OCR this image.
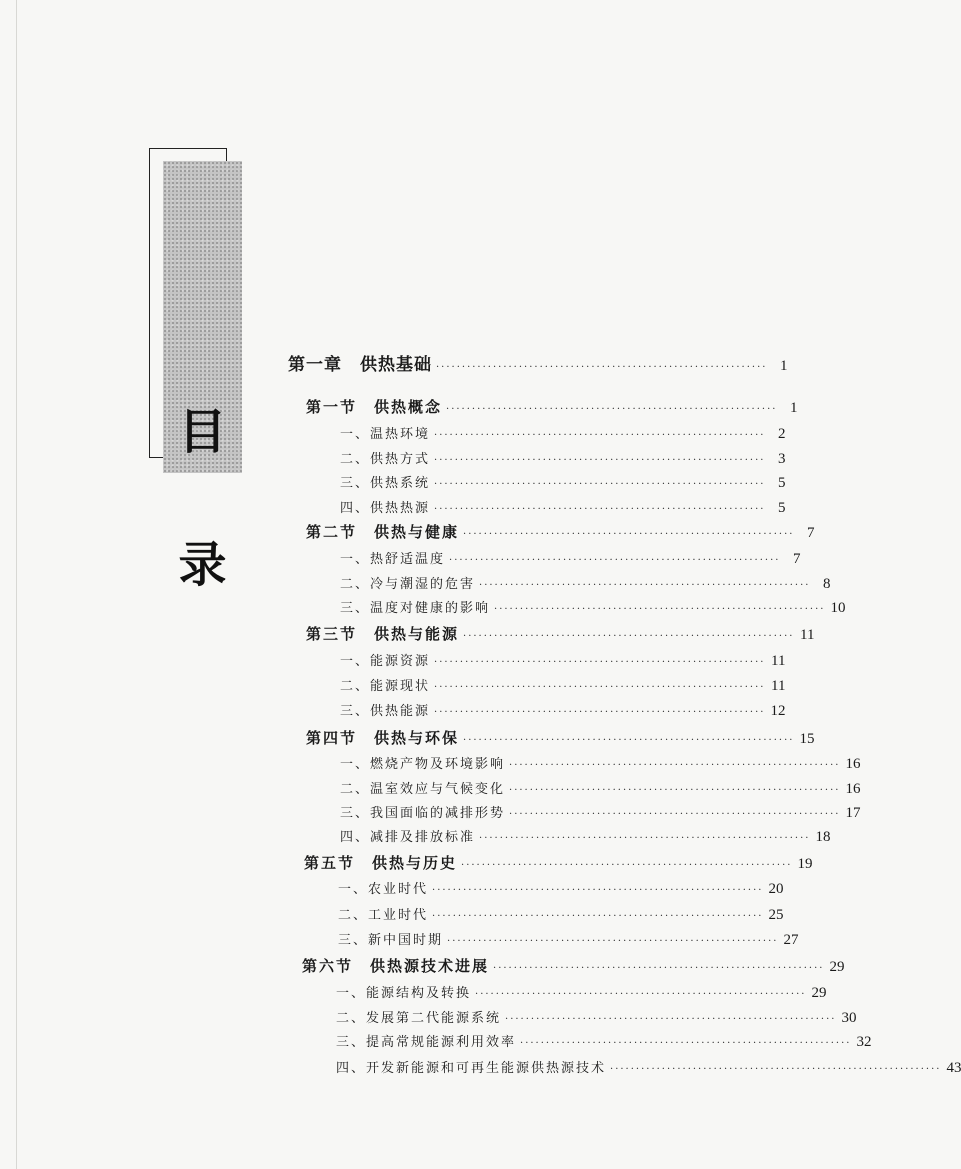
目
录
第一章　供热基础 ································································ 1
第一节　供热概念 ································································ 1
一、温热环境 ································································ 2
二、供热方式 ································································ 3
三、供热系统 ································································ 5
四、供热热源 ································································ 5
第二节　供热与健康 ································································ 7
一、热舒适温度 ································································ 7
二、冷与潮湿的危害 ································································ 8
三、温度对健康的影响 ································································ 10
第三节　供热与能源 ································································ 11
一、能源资源 ································································ 11
二、能源现状 ································································ 11
三、供热能源 ································································ 12
第四节　供热与环保 ································································ 15
一、燃烧产物及环境影响 ································································ 16
二、温室效应与气候变化 ································································ 16
三、我国面临的减排形势 ································································ 17
四、减排及排放标准 ································································ 18
第五节　供热与历史 ································································ 19
一、农业时代 ································································ 20
二、工业时代 ································································ 25
三、新中国时期 ································································ 27
第六节　供热源技术进展 ································································ 29
一、能源结构及转换 ································································ 29
二、发展第二代能源系统 ································································ 30
三、提高常规能源利用效率 ································································ 32
四、开发新能源和可再生能源供热源技术 ································································ 43
